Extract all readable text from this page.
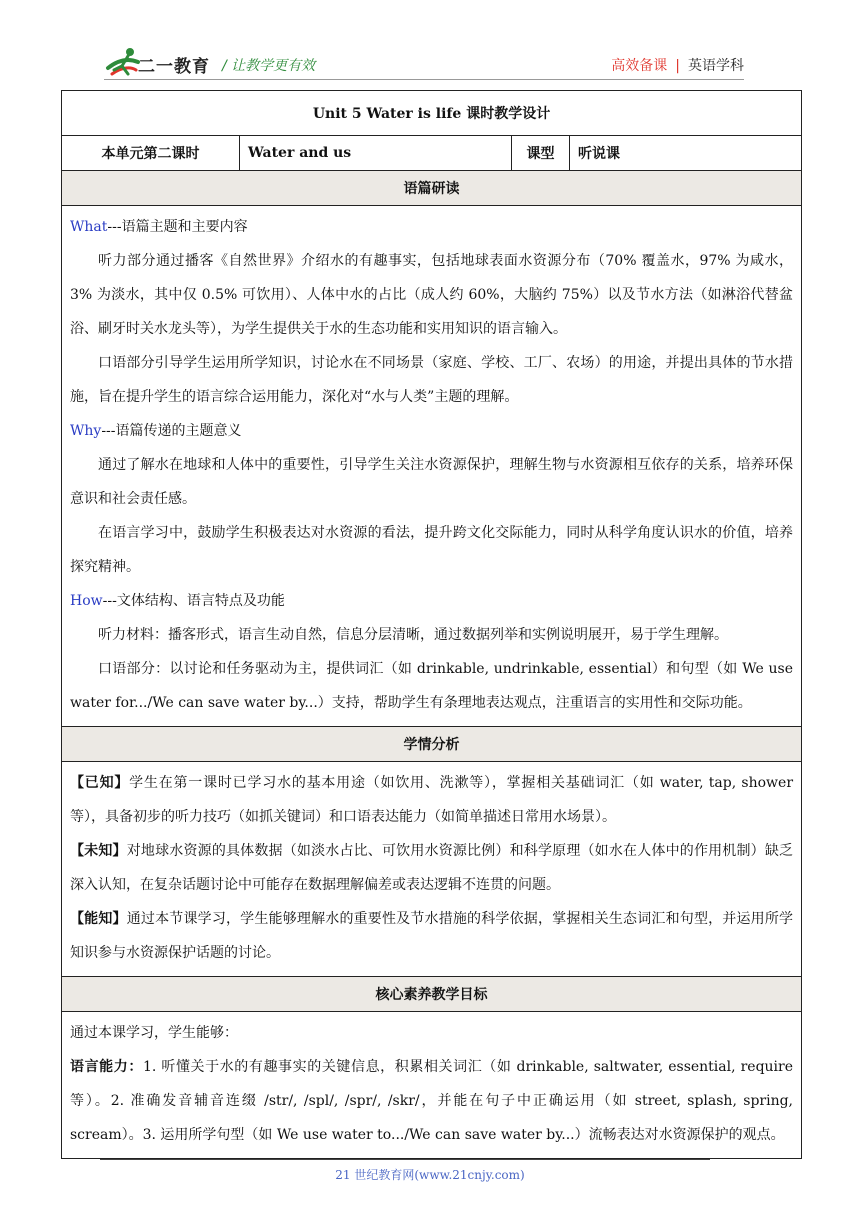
二一教育 / 让教学更有效	高效备课 | 英语学科
Unit 5 Water is life 课时教学设计
本单元第二课时	Water and us	课型	听说课
语篇研读

What---语篇主题和主要内容

听力部分通过播客《自然世界》介绍水的有趣事实，包括地球表面水资源分布（70% 覆盖水，97% 为咸水，3% 为淡水，其中仅 0.5% 可饮用）、人体中水的占比（成人约 60%，大脑约 75%）以及节水方法（如淋浴代替盆浴、刷牙时关水龙头等），为学生提供关于水的生态功能和实用知识的语言输入。

口语部分引导学生运用所学知识，讨论水在不同场景（家庭、学校、工厂、农场）的用途，并提出具体的节水措施，旨在提升学生的语言综合运用能力，深化对“水与人类”主题的理解。

Why---语篇传递的主题意义

通过了解水在地球和人体中的重要性，引导学生关注水资源保护，理解生物与水资源相互依存的关系，培养环保意识和社会责任感。

在语言学习中，鼓励学生积极表达对水资源的看法，提升跨文化交际能力，同时从科学角度认识水的价值，培养探究精神。

How---文体结构、语言特点及功能

听力材料：播客形式，语言生动自然，信息分层清晰，通过数据列举和实例说明展开，易于学生理解。

口语部分：以讨论和任务驱动为主，提供词汇（如 drinkable, undrinkable, essential）和句型（如 We use water for.../We can save water by...）支持，帮助学生有条理地表达观点，注重语言的实用性和交际功能。

学情分析

【已知】学生在第一课时已学习水的基本用途（如饮用、洗漱等），掌握相关基础词汇（如 water, tap, shower 等），具备初步的听力技巧（如抓关键词）和口语表达能力（如简单描述日常用水场景）。

【未知】对地球水资源的具体数据（如淡水占比、可饮用水资源比例）和科学原理（如水在人体中的作用机制）缺乏深入认知，在复杂话题讨论中可能存在数据理解偏差或表达逻辑不连贯的问题。

【能知】通过本节课学习，学生能够理解水的重要性及节水措施的科学依据，掌握相关生态词汇和句型，并运用所学知识参与水资源保护话题的讨论。

核心素养教学目标

通过本课学习，学生能够：

语言能力：1. 听懂关于水的有趣事实的关键信息，积累相关词汇（如 drinkable, saltwater, essential, require 等）。2. 准确发音辅音连缀 /str/, /spl/, /spr/, /skr/，并能在句子中正确运用（如 street, splash, spring, scream）。3. 运用所学句型（如 We use water to.../We can save water by...）流畅表达对水资源保护的观点。

21 世纪教育网(www.21cnjy.com)
